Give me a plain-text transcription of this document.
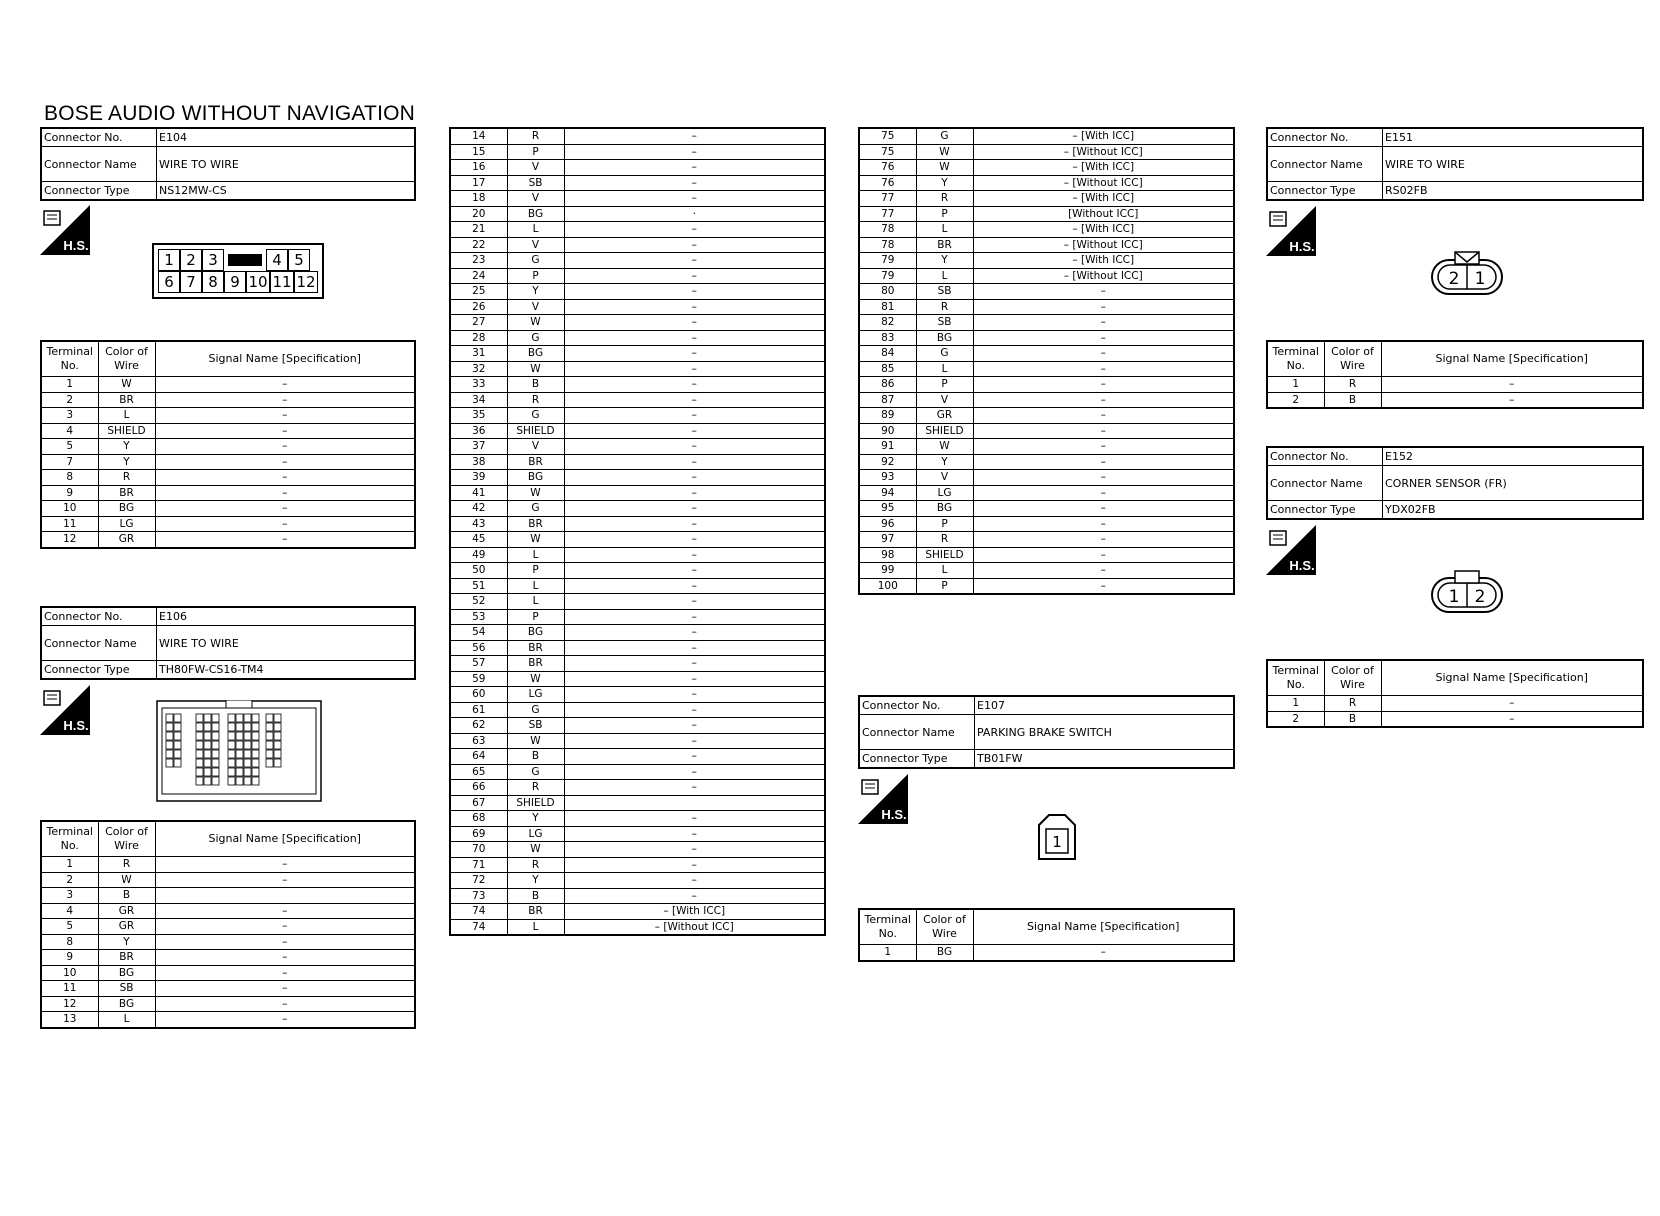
BOSE AUDIO WITHOUT NAVIGATION
Connector No.	E104
Connector Name	WIRE TO WIRE
Connector Type	NS12MW-CS
H.S.
1 2 3	4 5
6 7 8 9 10 11 12
Terminal No.	Color of Wire	Signal Name [Specification]
1	W	–
2	BR	–
3	L	–
4	SHIELD	–
5	Y	–
7	Y	–
8	R	–
9	BR	–
10	BG	–
11	LG	–
12	GR	–
Connector No.	E106
Connector Name	WIRE TO WIRE
Connector Type	TH80FW-CS16-TM4
H.S.
Terminal No.	Color of Wire	Signal Name [Specification]
1	R	–
2	W	–
3	B	
4	GR	–
5	GR	–
8	Y	–
9	BR	–
10	BG	–
11	SB	–
12	BG	–
13	L	–
14	R	–
15	P	–
16	V	–
17	SB	–
18	V	–
20	BG	·
21	L	–
22	V	–
23	G	–
24	P	–
25	Y	–
26	V	–
27	W	–
28	G	–
31	BG	–
32	W	–
33	B	–
34	R	–
35	G	–
36	SHIELD	–
37	V	–
38	BR	–
39	BG	–
41	W	–
42	G	–
43	BR	–
45	W	–
49	L	–
50	P	–
51	L	–
52	L	–
53	P	–
54	BG	–
56	BR	–
57	BR	–
59	W	–
60	LG	–
61	G	–
62	SB	–
63	W	–
64	B	–
65	G	–
66	R	–
67	SHIELD	
68	Y	–
69	LG	–
70	W	–
71	R	–
72	Y	–
73	B	–
74	BR	– [With ICC]
74	L	– [Without ICC]
75	G	– [With ICC]
75	W	– [Without ICC]
76	W	– [With ICC]
76	Y	– [Without ICC]
77	R	– [With ICC]
77	P	[Without ICC]
78	L	– [With ICC]
78	BR	– [Without ICC]
79	Y	– [With ICC]
79	L	– [Without ICC]
80	SB	–
81	R	–
82	SB	–
83	BG	–
84	G	–
85	L	–
86	P	–
87	V	–
89	GR	–
90	SHIELD	–
91	W	–
92	Y	–
93	V	–
94	LG	–
95	BG	–
96	P	–
97	R	–
98	SHIELD	–
99	L	–
100	P	–
Connector No.	E107
Connector Name	PARKING BRAKE SWITCH
Connector Type	TB01FW
H.S.
1
Terminal No.	Color of Wire	Signal Name [Specification]
1	BG	–
Connector No.	E151
Connector Name	WIRE TO WIRE
Connector Type	RS02FB
H.S.
2 1
Terminal No.	Color of Wire	Signal Name [Specification]
1	R	–
2	B	–
Connector No.	E152
Connector Name	CORNER SENSOR (FR)
Connector Type	YDX02FB
H.S.
1 2
Terminal No.	Color of Wire	Signal Name [Specification]
1	R	–
2	B	–
